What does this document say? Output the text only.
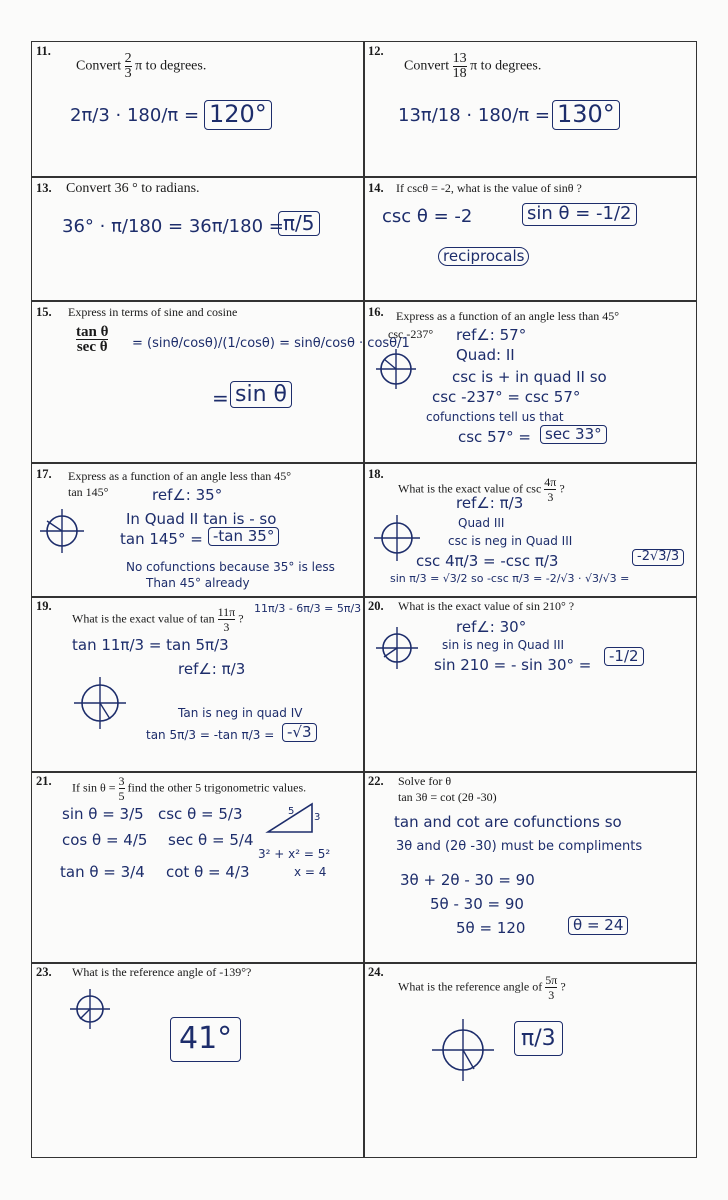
11.
Convert $\frac{2}{3}$ π to degrees.
2π/3 · 180/π = 120°
12.
Convert $\frac{13}{18}$ π to degrees.
13π/18 · 180/π = 130°
13. Convert 36 ° to radians.
36° · π/180 = 36π/180 = π/5
14. If cscθ = -2, what is the value of sinθ ?
csc θ = -2	sin θ = -1/2
reciprocals
15. Express in terms of sine and cosine
$\frac{\text{tan θ}}{\text{sec θ}} = (\sin\theta/\cos\theta)/(1/\cos\theta) = \sin\theta/\cos\theta \cdot \cos\theta/1$
= sin θ
16. Express as a function of an angle less than 45°
csc -237° ref∠: 57°
Quad: II
csc is + in quad II so
csc -237° = csc 57°
cofunctions tell us that
csc 57° = sec 33°
17. Express as a function of an angle less than 45°
tan 145°	ref∠: 35°
In Quad II tan is - so
tan 145° = -tan 35°
No cofunctions because 35° is less
Than 45° already
18.
What is the exact value of $\csc \frac{4\pi}{3}$ ?
ref∠: π/3
Quad III
csc is neg in Quad III
csc 4π/3 = -csc π/3
sin π/3 = √3/2 so -csc π/3 = -2/√3 · √3/√3 =
-2√3/3
19.
What is the exact value of $\tan \frac{11\pi}{3}$ ?
11π/3 - 6π/3 = 5π/3
tan 11π/3 = tan 5π/3
ref∠: π/3
Tan is neg in quad IV
tan 5π/3 = -tan π/3 = -√3
20. What is the exact value of sin 210° ?
ref∠: 30°
sin is neg in Quad III
sin 210 = - sin 30° =	-1/2
21. If $\sin \theta = \frac{3}{5}$ find the other 5 trigonometric values.
sin θ = 3/5
cos θ = 4/5
tan θ = 3/4
csc θ = 5/3
sec θ = 5/4
cot θ = 4/3
5
3
3² + x² = 5²
x = 4
22. Solve for θ
tan 3θ = cot (2θ -30)
tan and cot are cofunctions so
3θ and (2θ -30) must be compliments
3θ + 2θ - 30 = 90
5θ - 30 = 90
5θ = 120	θ = 24
23. What is the reference angle of -139°?
41°
24.
What is the reference angle of $\frac{5\pi}{3}$ ?
π/3
